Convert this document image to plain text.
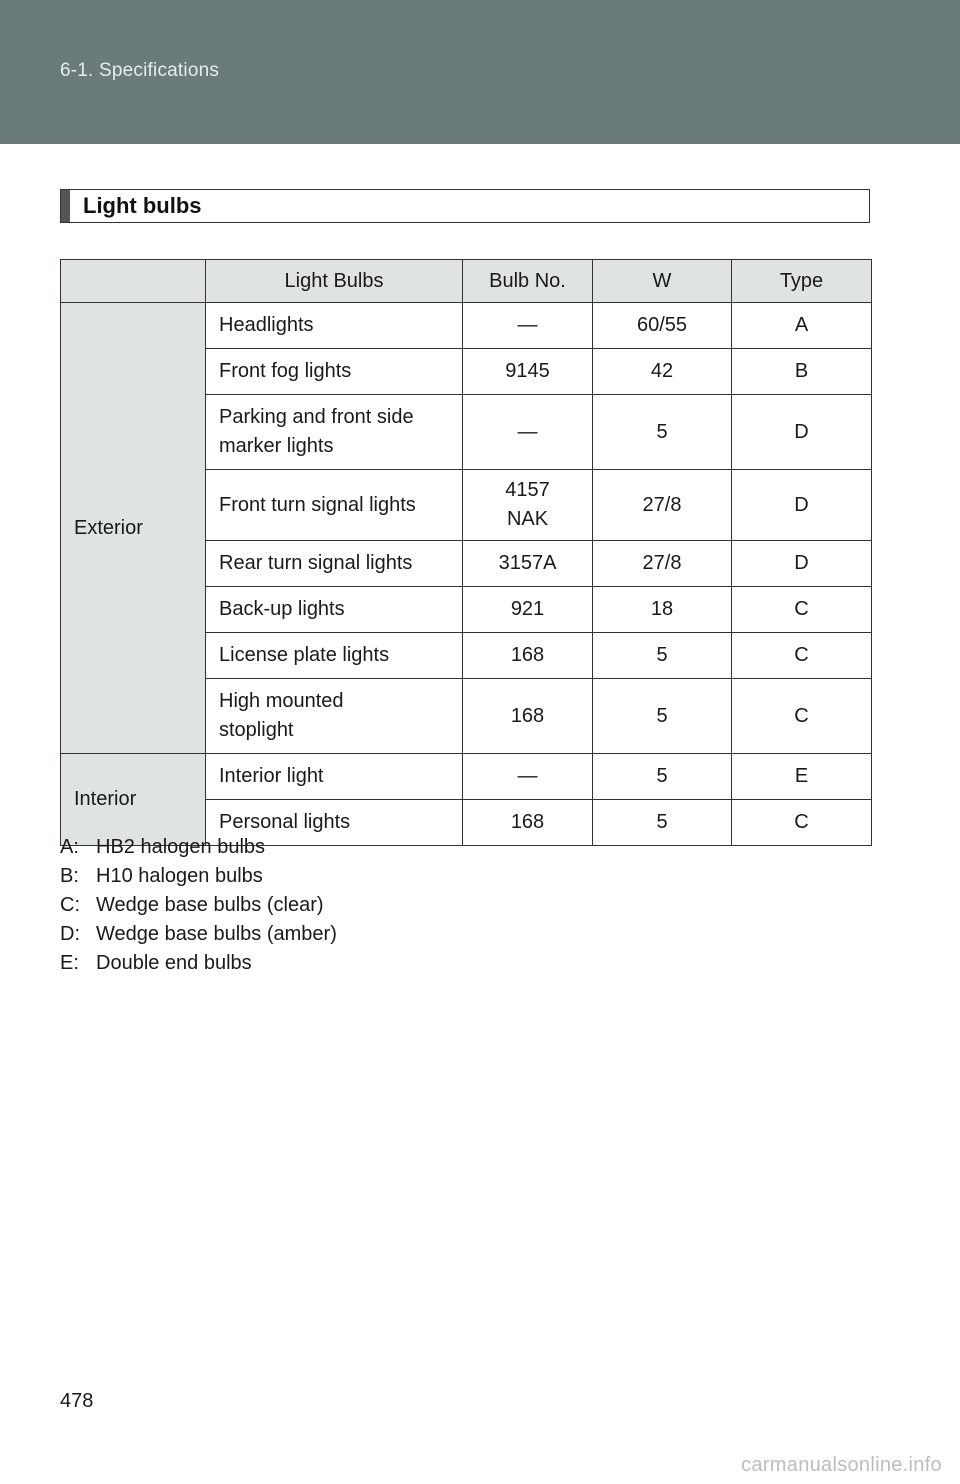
6-1. Specifications
Light bulbs
	Light Bulbs	Bulb No.	W	Type
Exterior	Headlights	—	60/55	A
	Front fog lights	9145	42	B
	Parking and front side marker lights	—	5	D
	Front turn signal lights	4157 NAK	27/8	D
	Rear turn signal lights	3157A	27/8	D
	Back-up lights	921	18	C
	License plate lights	168	5	C
	High mounted stoplight	168	5	C
Interior	Interior light	—	5	E
	Personal lights	168	5	C
A: HB2 halogen bulbs
B: H10 halogen bulbs
C: Wedge base bulbs (clear)
D: Wedge base bulbs (amber)
E: Double end bulbs
478
carmanualsonline.info
